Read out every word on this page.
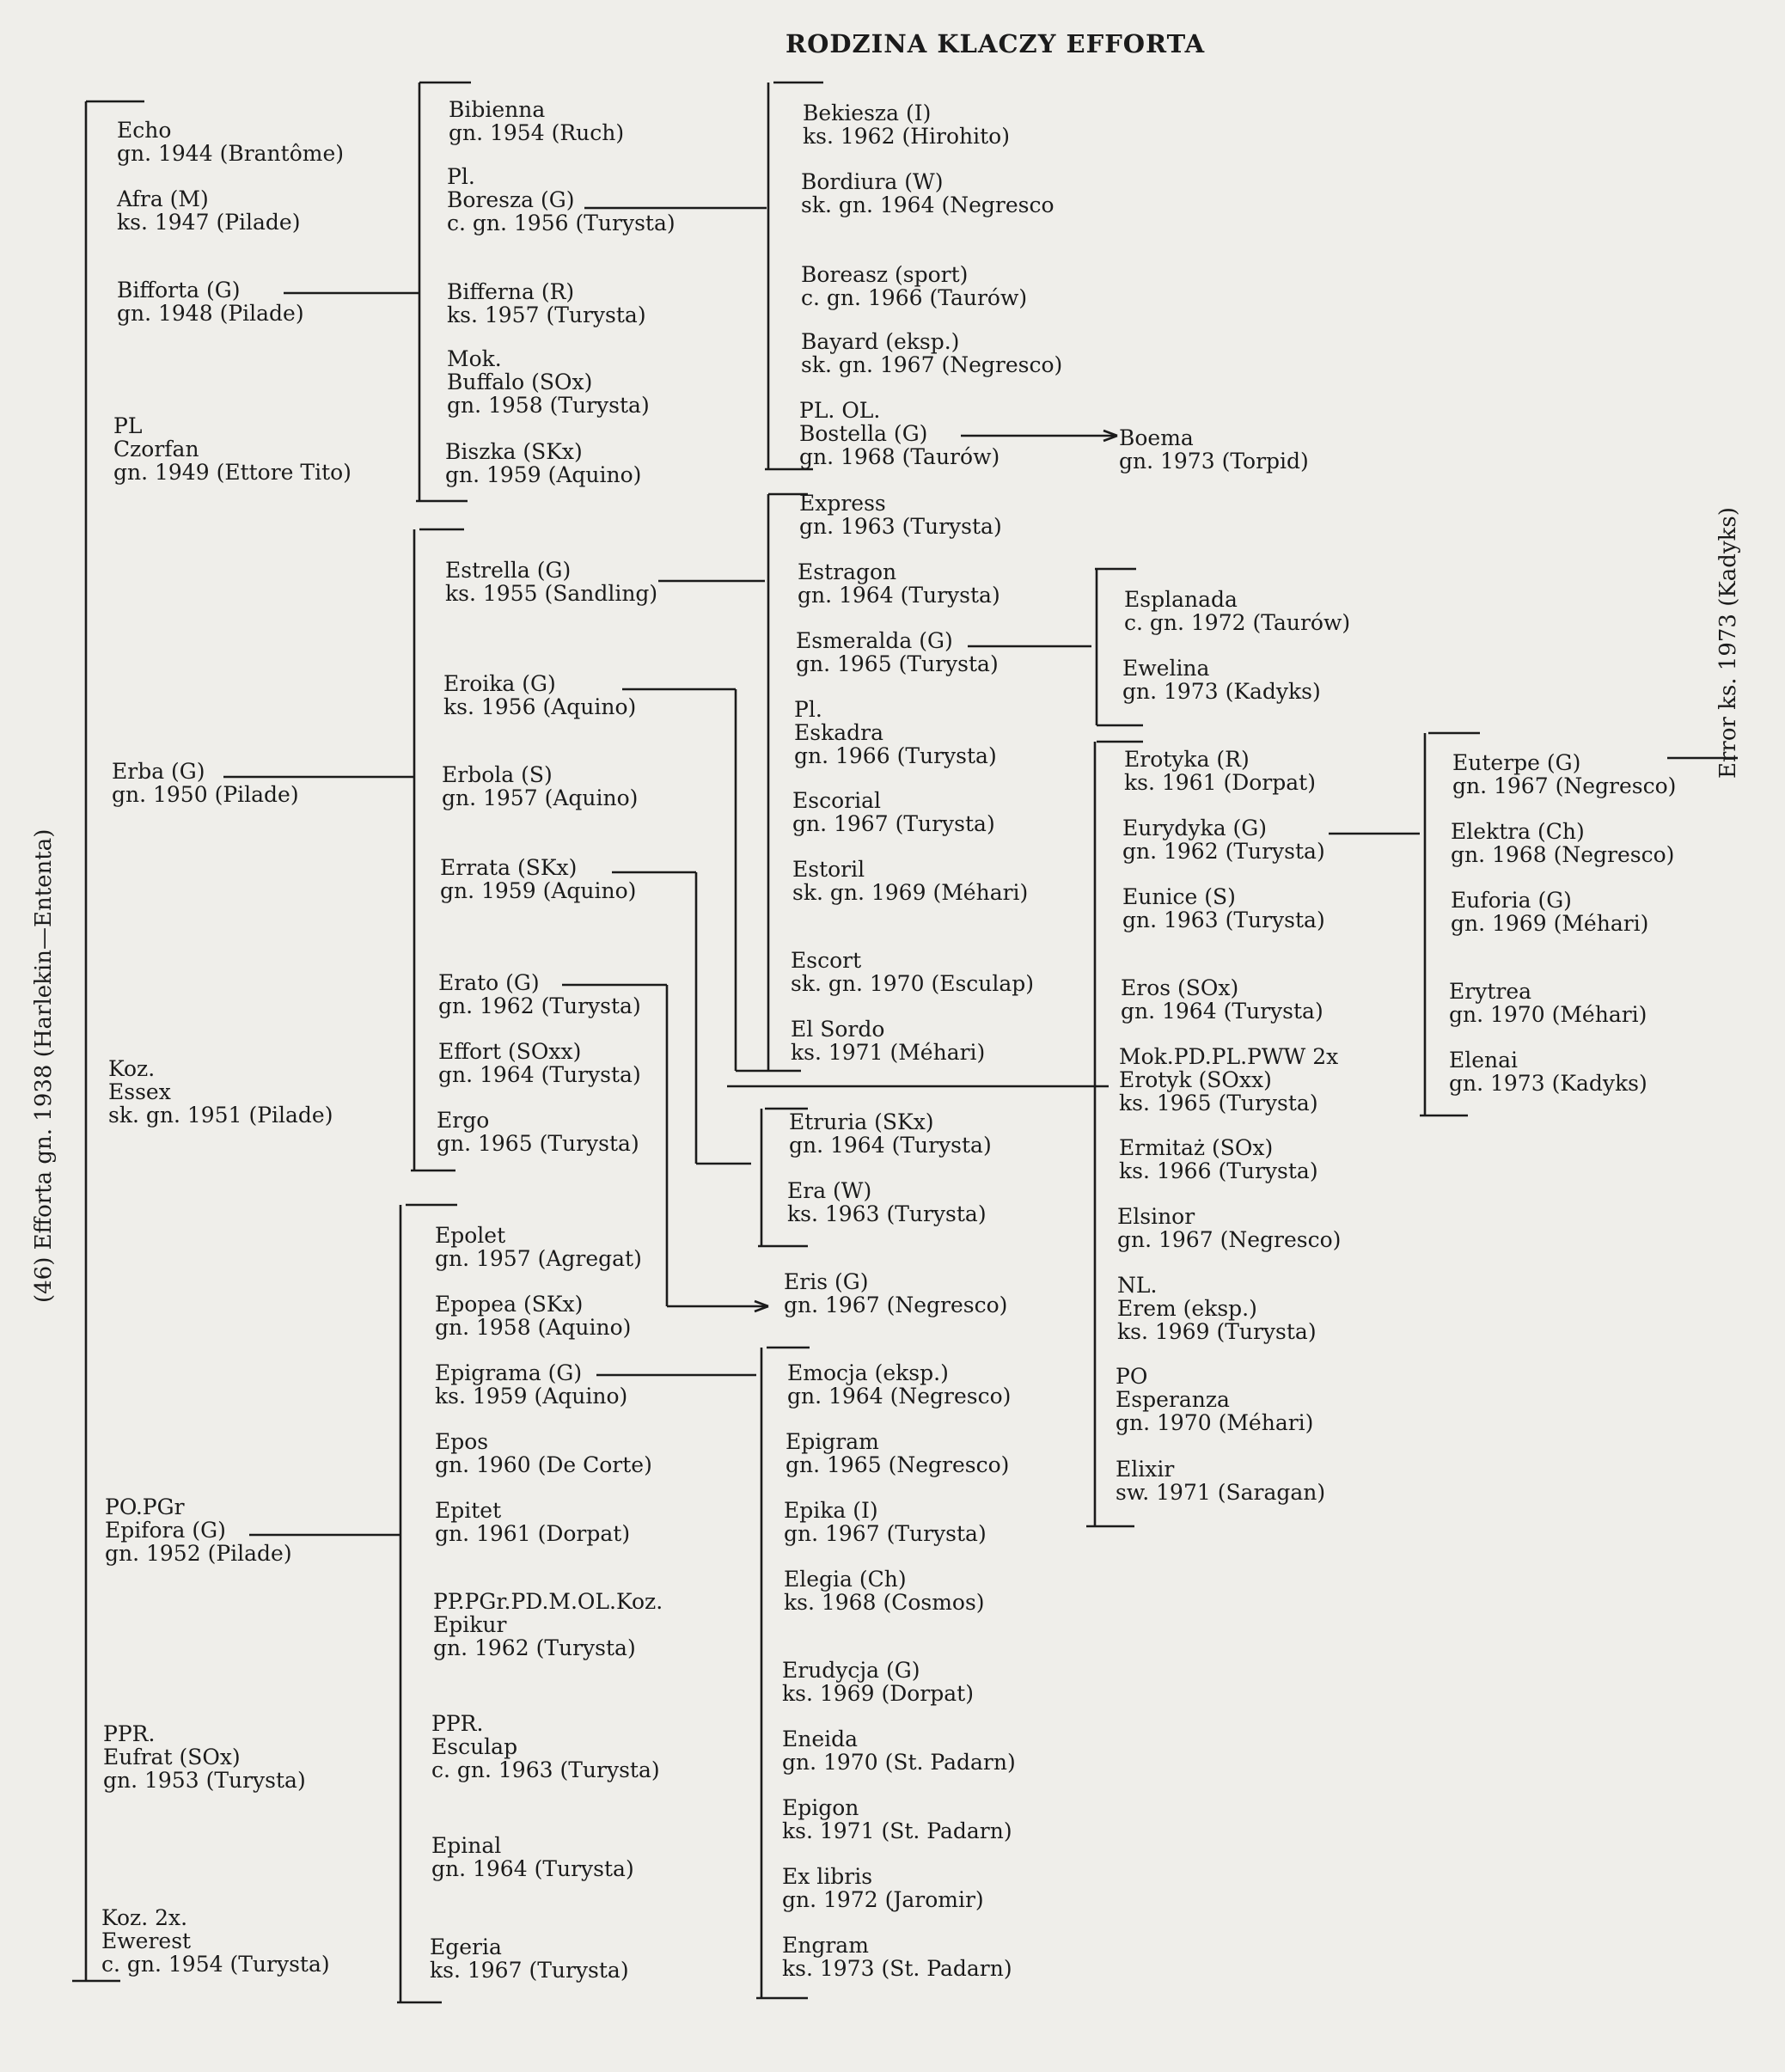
RODZINA KLACZY EFFORTA
(46) Efforta gn. 1938 (Harlekin—Ententa)
Error ks. 1973 (Kadyks)
Echo
gn. 1944 (Brantôme)
Afra (M)
ks. 1947 (Pilade)
Bifforta (G)
gn. 1948 (Pilade)
PL
Czorfan
gn. 1949 (Ettore Tito)
Erba (G)
gn. 1950 (Pilade)
Koz.
Essex
sk. gn. 1951 (Pilade)
PO.PGr
Epifora (G)
gn. 1952 (Pilade)
PPR.
Eufrat (SOx)
gn. 1953 (Turysta)
Koz. 2x.
Ewerest
c. gn. 1954 (Turysta)
Bibienna
gn. 1954 (Ruch)
Pl.
Boresza (G)
c. gn. 1956 (Turysta)
Bifferna (R)
ks. 1957 (Turysta)
Mok.
Buffalo (SOx)
gn. 1958 (Turysta)
Biszka (SKx)
gn. 1959 (Aquino)
Estrella (G)
ks. 1955 (Sandling)
Eroika (G)
ks. 1956 (Aquino)
Erbola (S)
gn. 1957 (Aquino)
Errata (SKx)
gn. 1959 (Aquino)
Erato (G)
gn. 1962 (Turysta)
Effort (SOxx)
gn. 1964 (Turysta)
Ergo
gn. 1965 (Turysta)
Epolet
gn. 1957 (Agregat)
Epopea (SKx)
gn. 1958 (Aquino)
Epigrama (G)
ks. 1959 (Aquino)
Epos
gn. 1960 (De Corte)
Epitet
gn. 1961 (Dorpat)
PP.PGr.PD.M.OL.Koz.
Epikur
gn. 1962 (Turysta)
PPR.
Esculap
c. gn. 1963 (Turysta)
Epinal
gn. 1964 (Turysta)
Egeria
ks. 1967 (Turysta)
Bekiesza (I)
ks. 1962 (Hirohito)
Bordiura (W)
sk. gn. 1964 (Negresco
Boreasz (sport)
c. gn. 1966 (Taurów)
Bayard (eksp.)
sk. gn. 1967 (Negresco)
PL. OL.
Bostella (G)
gn. 1968 (Taurów)
Express
gn. 1963 (Turysta)
Estragon
gn. 1964 (Turysta)
Esmeralda (G)
gn. 1965 (Turysta)
Pl.
Eskadra
gn. 1966 (Turysta)
Escorial
gn. 1967 (Turysta)
Estoril
sk. gn. 1969 (Méhari)
Escort
sk. gn. 1970 (Esculap)
El Sordo
ks. 1971 (Méhari)
Etruria (SKx)
gn. 1964 (Turysta)
Era (W)
ks. 1963 (Turysta)
Eris (G)
gn. 1967 (Negresco)
Emocja (eksp.)
gn. 1964 (Negresco)
Epigram
gn. 1965 (Negresco)
Epika (I)
gn. 1967 (Turysta)
Elegia (Ch)
ks. 1968 (Cosmos)
Erudycja (G)
ks. 1969 (Dorpat)
Eneida
gn. 1970 (St. Padarn)
Epigon
ks. 1971 (St. Padarn)
Ex libris
gn. 1972 (Jaromir)
Engram
ks. 1973 (St. Padarn)
Boema
gn. 1973 (Torpid)
Esplanada
c. gn. 1972 (Taurów)
Ewelina
gn. 1973 (Kadyks)
Erotyka (R)
ks. 1961 (Dorpat)
Eurydyka (G)
gn. 1962 (Turysta)
Eunice (S)
gn. 1963 (Turysta)
Eros (SOx)
gn. 1964 (Turysta)
Mok.PD.PL.PWW 2x
Erotyk (SOxx)
ks. 1965 (Turysta)
Ermitaż (SOx)
ks. 1966 (Turysta)
Elsinor
gn. 1967 (Negresco)
NL.
Erem (eksp.)
ks. 1969 (Turysta)
PO
Esperanza
gn. 1970 (Méhari)
Elixir
sw. 1971 (Saragan)
Euterpe (G)
gn. 1967 (Negresco)
Elektra (Ch)
gn. 1968 (Negresco)
Euforia (G)
gn. 1969 (Méhari)
Erytrea
gn. 1970 (Méhari)
Elenai
gn. 1973 (Kadyks)
